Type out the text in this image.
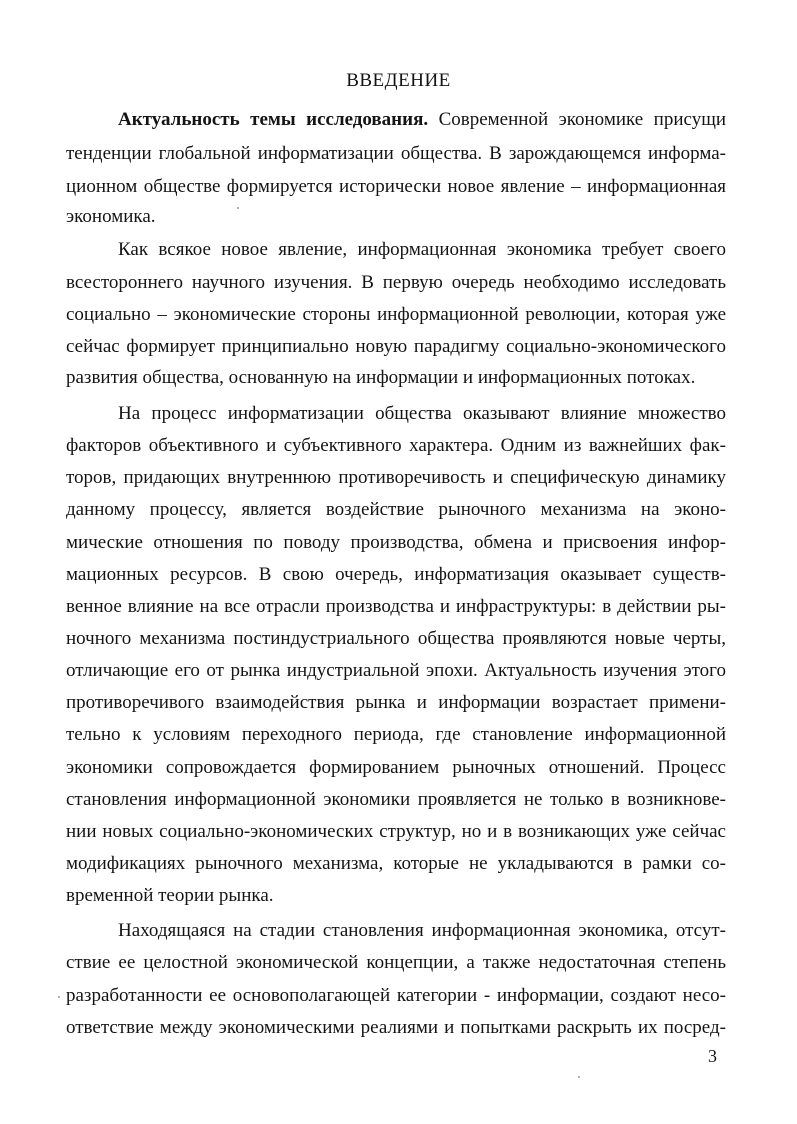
ВВЕДЕНИЕ
Актуальность темы исследования. Современной экономике присущи
тенденции глобальной информатизации общества. В зарождающемся информа-
ционном обществе формируется исторически новое явление – информационная
экономика.
Как всякое новое явление, информационная экономика требует своего
всестороннего научного изучения. В первую очередь необходимо исследовать
социально – экономические стороны информационной революции, которая уже
сейчас формирует принципиально новую парадигму социально-экономического
развития общества, основанную на информации и информационных потоках.
На процесс информатизации общества оказывают влияние множество
факторов объективного и субъективного характера. Одним из важнейших фак-
торов, придающих внутреннюю противоречивость и специфическую динамику
данному процессу, является воздействие рыночного механизма на эконо-
мические отношения по поводу производства, обмена и присвоения инфор-
мационных ресурсов. В свою очередь, информатизация оказывает существ-
венное влияние на все отрасли производства и инфраструктуры: в действии ры-
ночного механизма постиндустриального общества проявляются новые черты,
отличающие его от рынка индустриальной эпохи. Актуальность изучения этого
противоречивого взаимодействия рынка и информации возрастает примени-
тельно к условиям переходного периода, где становление информационной
экономики сопровождается формированием рыночных отношений. Процесс
становления информационной экономики проявляется не только в возникнове-
нии новых социально-экономических структур, но и в возникающих уже сейчас
модификациях рыночного механизма, которые не укладываются в рамки со-
временной теории рынка.
Находящаяся на стадии становления информационная экономика, отсут-
ствие ее целостной экономической концепции, а также недостаточная степень
разработанности ее основополагающей категории - информации, создают несо-
ответствие между экономическими реалиями и попытками раскрыть их посред-
3
